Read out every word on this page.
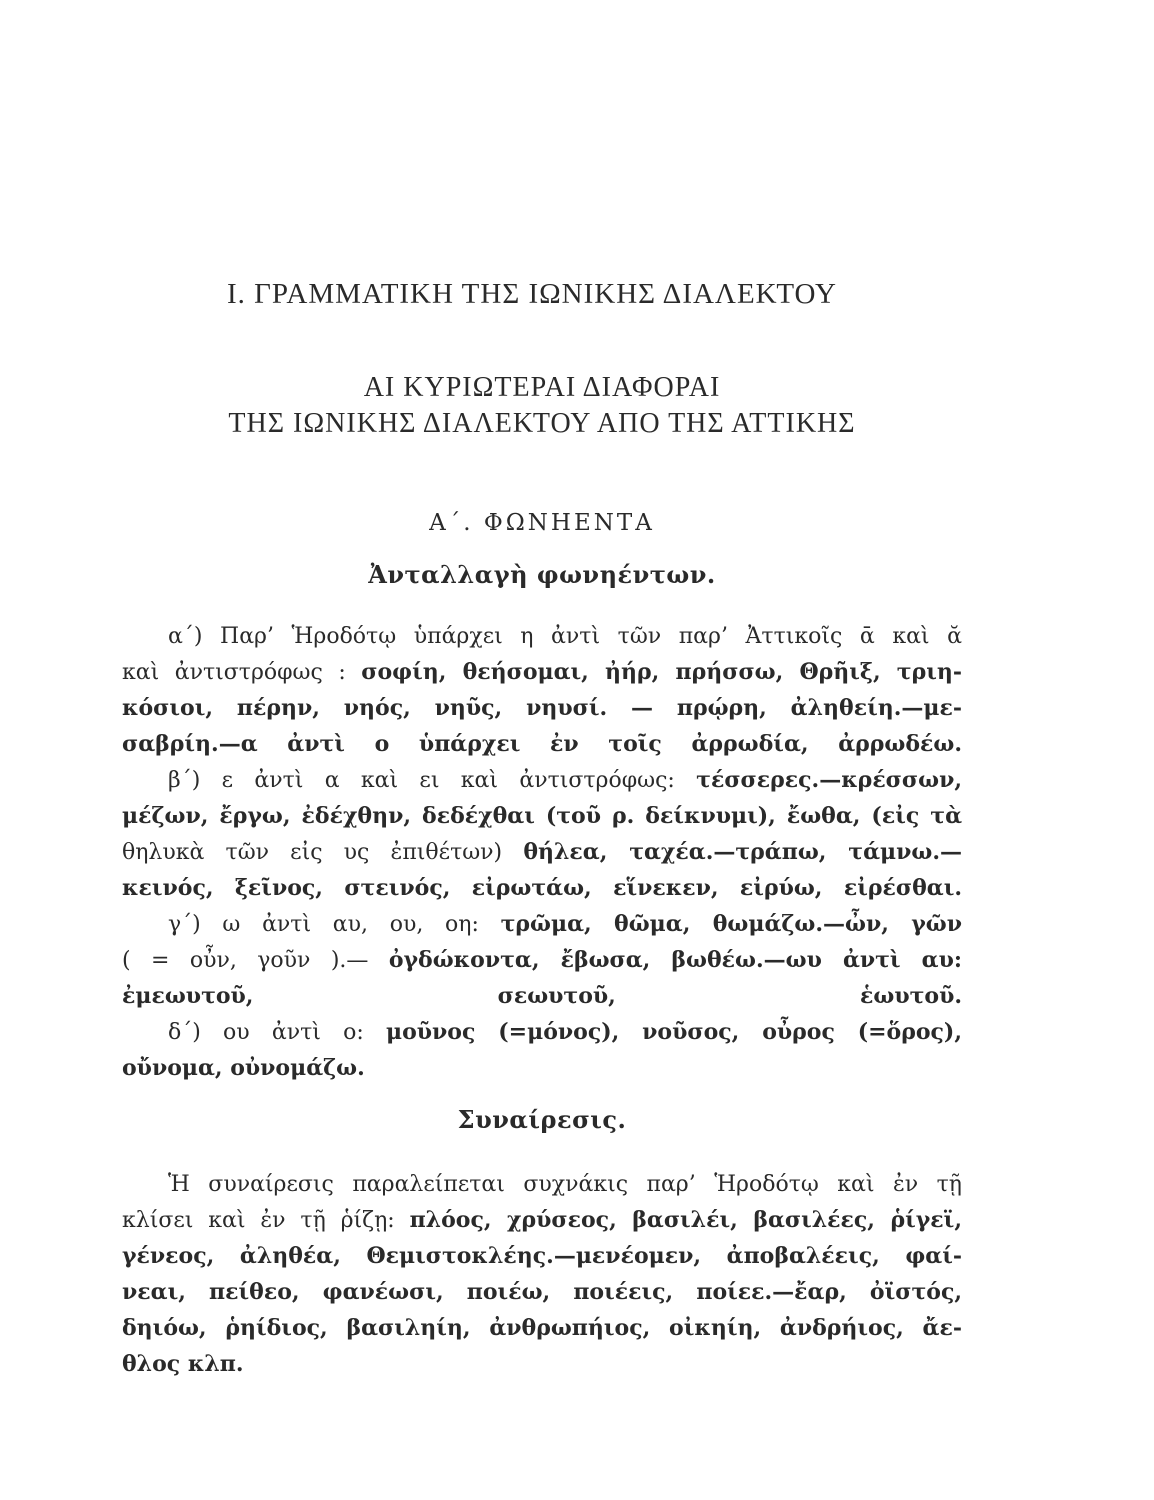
I. ΓΡΑΜΜΑΤΙΚΗ ΤΗΣ ΙΩΝΙΚΗΣ ΔΙΑΛΕΚΤΟΥ
ΑΙ ΚΥΡΙΩΤΕΡΑΙ ΔΙΑΦΟΡΑΙ
ΤΗΣ ΙΩΝΙΚΗΣ ΔΙΑΛΕΚΤΟΥ ΑΠΟ ΤΗΣ ΑΤΤΙΚΗΣ
Α΄. ΦΩΝΗΕΝΤΑ
Ἀνταλλαγὴ φωνηέντων.
α΄) Παρ’ Ἡροδότῳ ὑπάρχει η ἀντὶ τῶν παρ’ Ἀττικοῖς ᾱ καὶ ᾰ
καὶ ἀντιστρόφως : σοφίη, θεήσομαι, ἠήρ, πρήσσω, Θρῆιξ, τριη-
κόσιοι, πέρην, νηός, νηῦς, νηυσί. — πρῴρη, ἀληθείη.—με-
σαβρίη.—α ἀντὶ ο ὑπάρχει ἐν τοῖς ἀρρωδία, ἀρρωδέω.
β΄) ε ἀντὶ α καὶ ει καὶ ἀντιστρόφως: τέσσερες.—κρέσσων,
μέζων, ἔργω, ἐδέχθην, δεδέχθαι (τοῦ ρ. δείκνυμι), ἔωθα, (εἰς τὰ
θηλυκὰ τῶν εἰς υς ἐπιθέτων) θήλεα, ταχέα.—τράπω, τάμνω.—
κεινός, ξεῖνος, στεινός, εἰρωτάω, εἵνεκεν, εἰρύω, εἰρέσθαι.
γ΄) ω ἀντὶ αυ, ου, οη: τρῶμα, θῶμα, θωμάζω.—ὦν, γῶν
( = οὖν, γοῦν ).— ὀγδώκοντα, ἔβωσα, βωθέω.—ωυ ἀντὶ αυ:
ἐμεωυτοῦ, σεωυτοῦ, ἑωυτοῦ.
δ΄) ου ἀντὶ ο: μοῦνος (=μόνος), νοῦσος, οὖρος (=ὅρος),
οὔνομα, οὐνομάζω.
Συναίρεσις.
Ἡ συναίρεσις παραλείπεται συχνάκις παρ’ Ἡροδότῳ καὶ ἐν τῇ
κλίσει καὶ ἐν τῇ ῥίζῃ: πλόος, χρύσεος, βασιλέι, βασιλέες, ῥίγεϊ,
γένεος, ἀληθέα, Θεμιστοκλέης.—μενέομεν, ἀποβαλέεις, φαί-
νεαι, πείθεο, φανέωσι, ποιέω, ποιέεις, ποίεε.—ἔαρ, ὀϊστός,
δηιόω, ῥηίδιος, βασιληίη, ἀνθρωπήιος, οἰκηίη, ἀνδρήιος, ἄε-
θλος κλπ.
